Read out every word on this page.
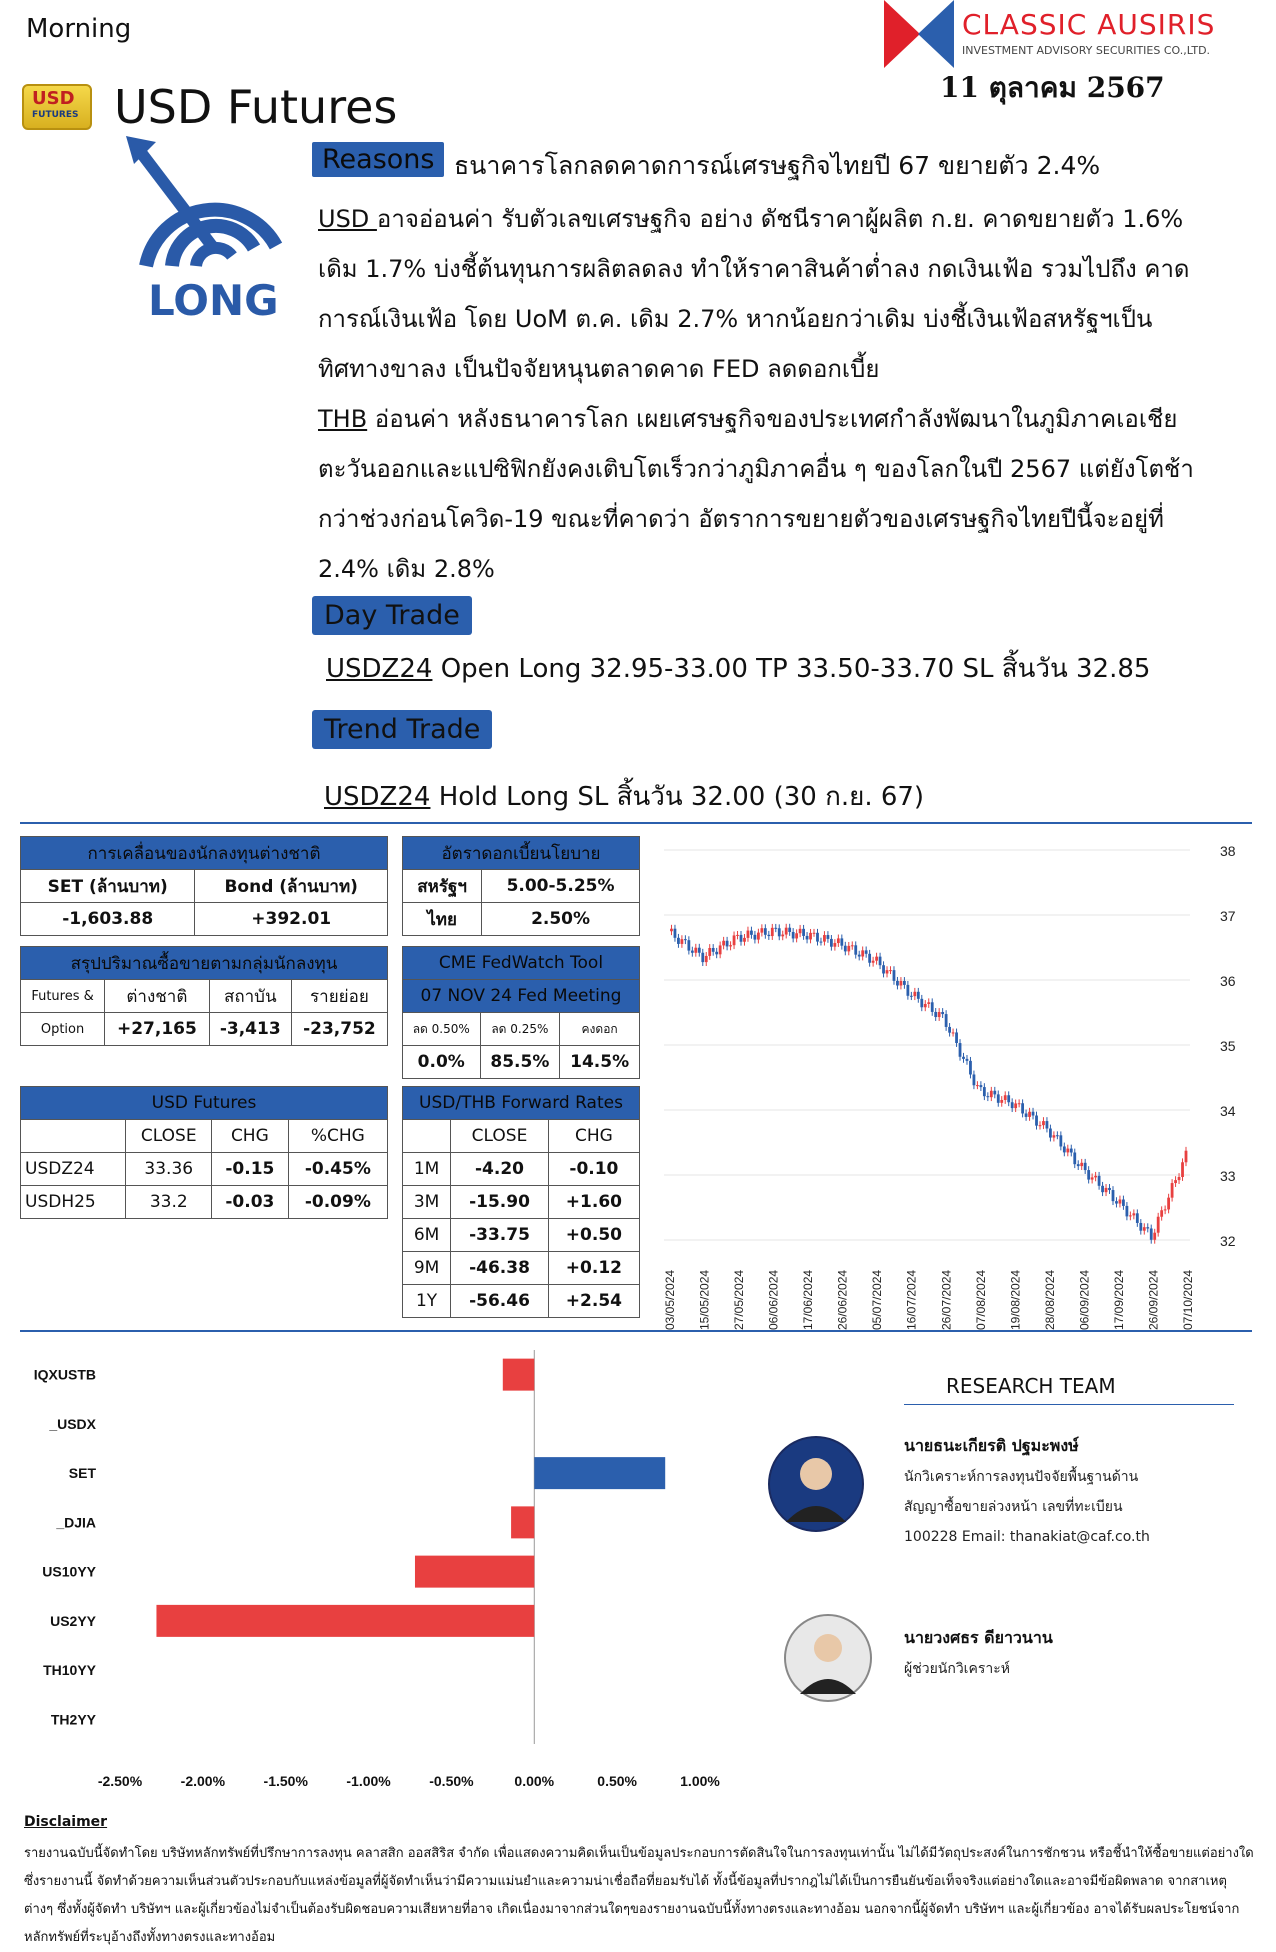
Morning	CLASSIC AUSIRIS
INVESTMENT ADVISORY SECURITIES CO.,LTD.
11 ตุลาคม 2567
USD
FUTURES USD Futures
LONG
Reasons ธนาคารโลกลดคาดการณ์เศรษฐกิจไทยปี 67 ขยายตัว 2.4%
USD อาจอ่อนค่า รับตัวเลขเศรษฐกิจ อย่าง ดัชนีราคาผู้ผลิต ก.ย. คาดขยายตัว 1.6% เดิม 1.7% บ่งชี้ต้นทุนการผลิตลดลง ทำให้ราคาสินค้าต่ำลง กดเงินเฟ้อ รวมไปถึง คาดการณ์เงินเฟ้อ โดย UoM ต.ค. เดิม 2.7% หากน้อยกว่าเดิม บ่งชี้เงินเฟ้อสหรัฐฯเป็น ทิศทางขาลง เป็นปัจจัยหนุนตลาดคาด FED ลดดอกเบี้ย
THB อ่อนค่า หลังธนาคารโลก เผยเศรษฐกิจของประเทศกำลังพัฒนาในภูมิภาคเอเชีย ตะวันออกและแปซิฟิกยังคงเติบโตเร็วกว่าภูมิภาคอื่น ๆ ของโลกในปี 2567 แต่ยังโตช้า กว่าช่วงก่อนโควิด-19 ขณะที่คาดว่า อัตราการขยายตัวของเศรษฐกิจไทยปีนี้จะอยู่ที่ 2.4% เดิม 2.8%
Day Trade
USDZ24 Open Long 32.95-33.00 TP 33.50-33.70 SL สิ้นวัน 32.85
Trend Trade
USDZ24 Hold Long SL สิ้นวัน 32.00 (30 ก.ย. 67)
การเคลื่อนของนักลงทุนต่างชาติ	
SET (ล้านบาท)	Bond (ล้านบาท)
-1,603.88	+392.01
อัตราดอกเบี้ยนโยบาย	
สหรัฐฯ	5.00-5.25%
ไทย	2.50%
สรุปปริมาณซื้อขายตามกลุ่มนักลงทุน			
Futures &	ต่างชาติ	สถาบัน	รายย่อย
Option	+27,165	-3,413	-23,752
CME FedWatch Tool		
07 NOV 24 Fed Meeting		
ลด 0.50%	ลด 0.25%	คงดอก
0.0%	85.5%	14.5%
USD Futures			
	CLOSE	CHG	%CHG
USDZ24	33.36	-0.15	-0.45%
USDH25	33.2	-0.03	-0.09%
USD/THB Forward Rates		
	CLOSE	CHG
1M	-4.20	-0.10
3M	-15.90	+1.60
6M	-33.75	+0.50
9M	-46.38	+0.12
1Y	-56.46	+2.54
32
33
34
35
36
37
38
03/05/2024 15/05/2024 27/05/2024 06/06/2024 17/06/2024 26/06/2024 05/07/2024 16/07/2024 26/07/2024 07/08/2024 19/08/2024 28/08/2024 06/09/2024 17/09/2024 26/09/2024 07/10/2024
IQXUSTB
_USDX
SET
_DJIA
US10YY
US2YY
TH10YY
TH2YY
-2.50%	-2.00%	-1.50%	-1.00%	-0.50%	0.00%	0.50%	1.00%
RESEARCH TEAM
นายธนะเกียรติ ปฐมะพงษ์
นักวิเคราะห์การลงทุนปัจจัยพื้นฐานด้าน
สัญญาซื้อขายล่วงหน้า เลขที่ทะเบียน
100228 Email: thanakiat@caf.co.th
นายวงศธร ดียาวนาน
ผู้ช่วยนักวิเคราะห์
Disclaimer
รายงานฉบับนี้จัดทำโดย บริษัทหลักทรัพย์ที่ปรึกษาการลงทุน คลาสสิก ออสสิริส จำกัด เพื่อแสดงความคิดเห็นเป็นข้อมูลประกอบการตัดสินใจในการลงทุนเท่านั้น ไม่ได้มีวัตถุประสงค์ในการชักชวน หรือชี้นำให้ซื้อขายแต่อย่างใด ซึ่งรายงานนี้ จัดทำด้วยความเห็นส่วนตัวประกอบกับแหล่งข้อมูลที่ผู้จัดทำเห็นว่ามีความแม่นยำและความน่าเชื่อถือที่ยอมรับได้ ทั้งนี้ข้อมูลที่ปรากฎไม่ได้เป็นการยืนยันข้อเท็จจริงแต่อย่างใดและอาจมีข้อผิดพลาด จากสาเหตุต่างๆ ซึ่งทั้งผู้จัดทำ บริษัทฯ และผู้เกี่ยวข้องไม่จำเป็นต้องรับผิดชอบความเสียหายที่อาจ เกิดเนื่องมาจากส่วนใดๆของรายงานฉบับนี้ทั้งทางตรงและทางอ้อม นอกจากนี้ผู้จัดทำ บริษัทฯ และผู้เกี่ยวข้อง อาจได้รับผลประโยชน์จากหลักทรัพย์ที่ระบุอ้างถึงทั้งทางตรงและทางอ้อม
